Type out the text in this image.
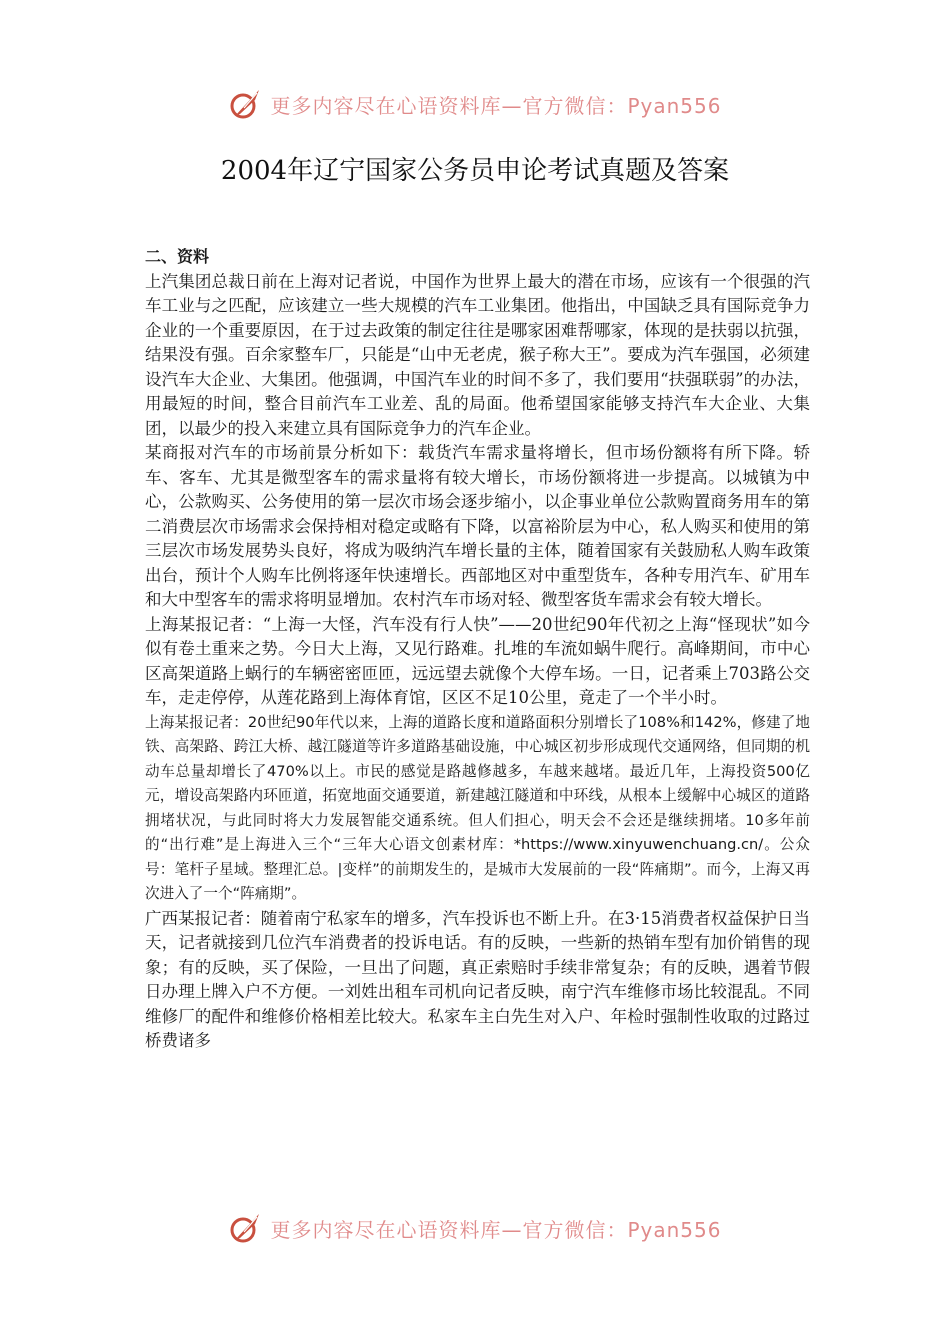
更多内容尽在心语资料库—官方微信：Pyan556
2004年辽宁国家公务员申论考试真题及答案

二、资料

上汽集团总裁日前在上海对记者说，中国作为世界上最大的潜在市场，应该有一个很强的汽车工业与之匹配，应该建立一些大规模的汽车工业集团。他指出，中国缺乏具有国际竞争力企业的一个重要原因，在于过去政策的制定往往是哪家困难帮哪家，体现的是扶弱以抗强，结果没有强。百余家整车厂，只能是“山中无老虎，猴子称大王”。要成为汽车强国，必须建设汽车大企业、大集团。他强调，中国汽车业的时间不多了，我们要用“扶强联弱”的办法，用最短的时间，整合目前汽车工业差、乱的局面。他希望国家能够支持汽车大企业、大集团，以最少的投入来建立具有国际竞争力的汽车企业。

某商报对汽车的市场前景分析如下：载货汽车需求量将增长，但市场份额将有所下降。轿车、客车、尤其是微型客车的需求量将有较大增长，市场份额将进一步提高。以城镇为中心，公款购买、公务使用的第一层次市场会逐步缩小，以企事业单位公款购置商务用车的第二消费层次市场需求会保持相对稳定或略有下降，以富裕阶层为中心，私人购买和使用的第三层次市场发展势头良好，将成为吸纳汽车增长量的主体，随着国家有关鼓励私人购车政策出台，预计个人购车比例将逐年快速增长。西部地区对中重型货车，各种专用汽车、矿用车和大中型客车的需求将明显增加。农村汽车市场对轻、微型客货车需求会有较大增长。

上海某报记者：“上海一大怪，汽车没有行人快”——20世纪90年代初之上海“怪现状”如今似有卷土重来之势。今日大上海，又见行路难。扎堆的车流如蜗牛爬行。高峰期间，市中心区高架道路上蜗行的车辆密密匝匝，远远望去就像个大停车场。一日，记者乘上703路公交车，走走停停，从莲花路到上海体育馆，区区不足10公里，竟走了一个半小时。

上海某报记者：20世纪90年代以来，上海的道路长度和道路面积分别增长了108%和142%，修建了地铁、高架路、跨江大桥、越江隧道等许多道路基础设施，中心城区初步形成现代交通网络，但同期的机动车总量却增长了470%以上。市民的感觉是路越修越多，车越来越堵。最近几年，上海投资500亿元，增设高架路内环匝道，拓宽地面交通要道，新建越江隧道和中环线，从根本上缓解中心城区的道路拥堵状况，与此同时将大力发展智能交通系统。但人们担心，明天会不会还是继续拥堵。10多年前的“出行难”是上海进入三个“三年大心语文创素材库：*https://www.xinyuwenchuang.cn/。公众号：笔杆子星域。整理汇总。|变样”的前期发生的，是城市大发展前的一段“阵痛期”。而今，上海又再次进入了一个“阵痛期”。

广西某报记者：随着南宁私家车的增多，汽车投诉也不断上升。在3·15消费者权益保护日当天，记者就接到几位汽车消费者的投诉电话。有的反映，一些新的热销车型有加价销售的现象；有的反映，买了保险，一旦出了问题，真正索赔时手续非常复杂；有的反映，遇着节假日办理上牌入户不方便。一刘姓出租车司机向记者反映，南宁汽车维修市场比较混乱。不同维修厂的配件和维修价格相差比较大。私家车主白先生对入户、年检时强制性收取的过路过桥费诸多

更多内容尽在心语资料库—官方微信：Pyan556
